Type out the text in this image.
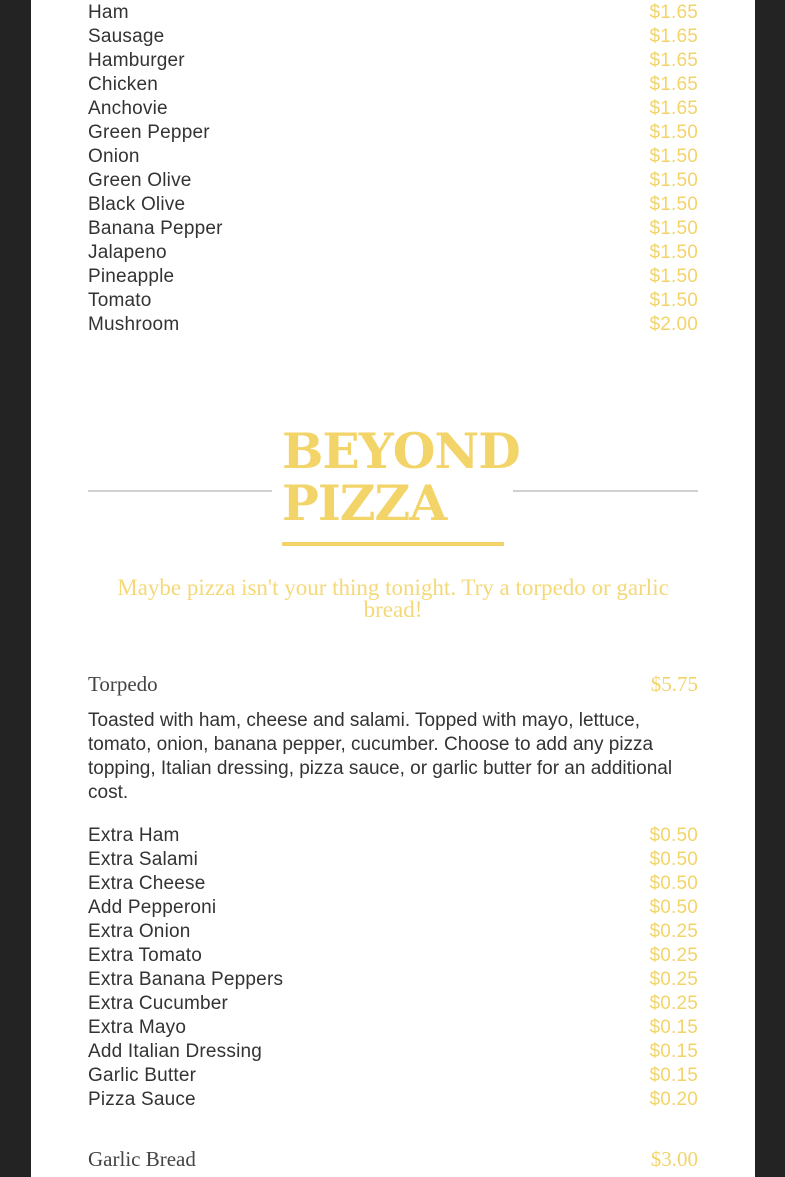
Ham	$1.65
Sausage	$1.65
Hamburger	$1.65
Chicken	$1.65
Anchovie	$1.65
Green Pepper	$1.50
Onion	$1.50
Green Olive	$1.50
Black Olive	$1.50
Banana Pepper	$1.50
Jalapeno	$1.50
Pineapple	$1.50
Tomato	$1.50
Mushroom	$2.00
BEYOND
PIZZA
Maybe pizza isn't your thing tonight. Try a torpedo or garlic bread!
Torpedo	$5.75
Toasted with ham, cheese and salami. Topped with mayo, lettuce, tomato, onion, banana pepper, cucumber. Choose to add any pizza topping, Italian dressing, pizza sauce, or garlic butter for an additional cost.
Extra Ham	$0.50
Extra Salami	$0.50
Extra Cheese	$0.50
Add Pepperoni	$0.50
Extra Onion	$0.25
Extra Tomato	$0.25
Extra Banana Peppers	$0.25
Extra Cucumber	$0.25
Extra Mayo	$0.15
Add Italian Dressing	$0.15
Garlic Butter	$0.15
Pizza Sauce	$0.20
Garlic Bread	$3.00
